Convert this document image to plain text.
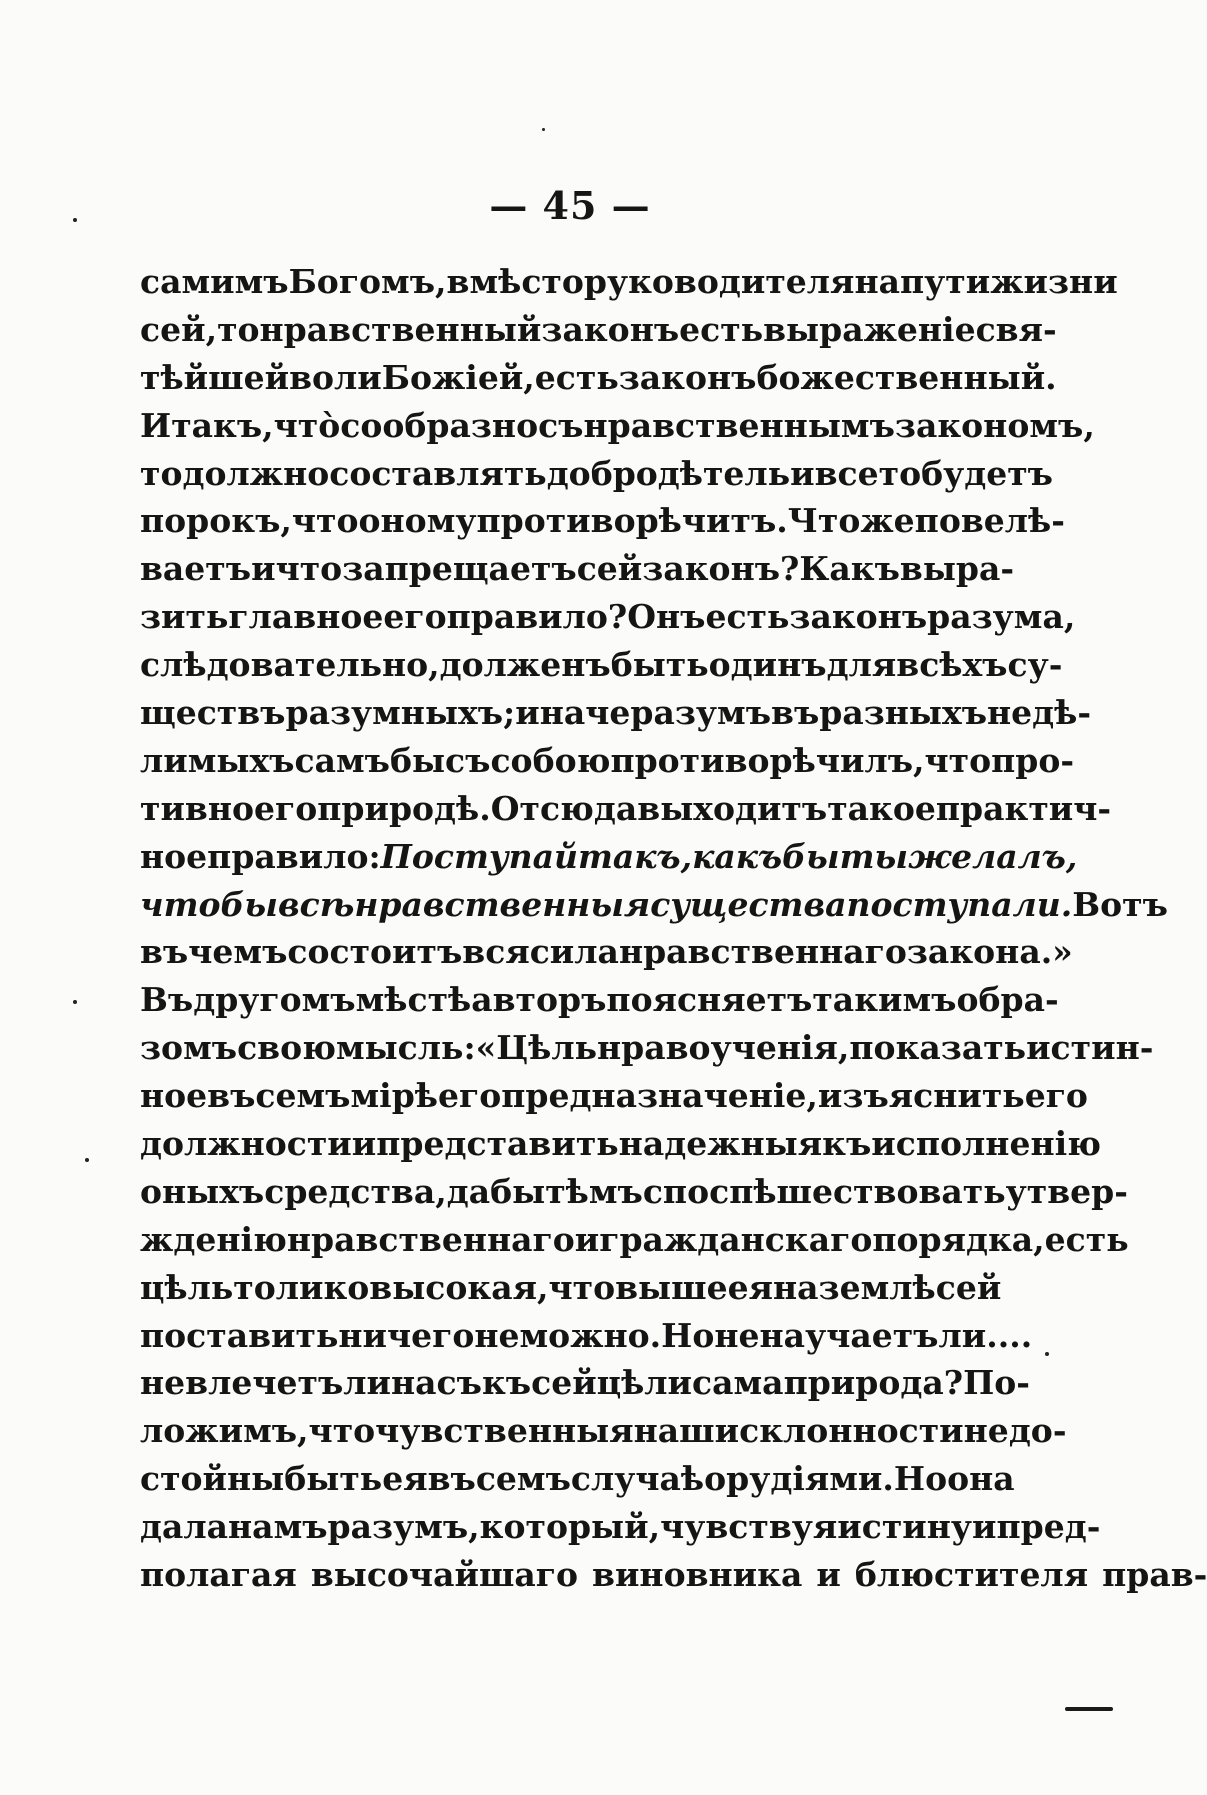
— 45 —
самимъ Богомъ, вмѣсто руководителя на пути жизни
сей, то нравственный законъ есть выраженіе свя-
тѣйшей воли Божіей, есть законъ божественный.
И такъ, что̀ сообразно съ нравственнымъ закономъ,
то должно составлять добродѣтель и все то будетъ
порокъ, что оному противорѣчитъ. Что же повелѣ-
ваетъ и что запрещаетъ сей законъ? Какъ выра-
зить главное его правило? Онъ есть законъ разума,
слѣдовательно, долженъ быть одинъ для всѣхъ су-
ществъ разумныхъ; иначе разумъ въ разныхъ недѣ-
лимыхъ самъ бы съ собою противорѣчилъ, что про-
тивно его природѣ. Отсюда выходитъ такое практич-
ное правило: Поступай такъ, какъ бы ты желалъ,
чтобы всѣ нравственныя существа поступали. Вотъ
въ чемъ состоитъ вся сила нравственнаго закона.»
Въ другомъ мѣстѣ авторъ поясняетъ такимъ обра-
зомъ свою мысль: «Цѣль нравоученія, показать истин-
ное въ семъ мірѣ его предназначеніе, изъяснить его
должности и представить надежныя къ исполненію
оныхъ средства, дабы тѣмъ споспѣшествовать утвер-
жденію нравственнаго и гражданскаго порядка, есть
цѣль толико высокая, что выше ея на землѣ сей
поставить ничего не можно. Но не научаетъ ли....
не влечетъ ли насъ къ сей цѣли сама природа? По-
ложимъ, что чувственныя наши склонности не до-
стойны быть ея въ семъ случаѣ орудіями. Но она
дала намъ разумъ, который, чувствуя истину и пред-
полагая высочайшаго виновника и блюстителя прав-
